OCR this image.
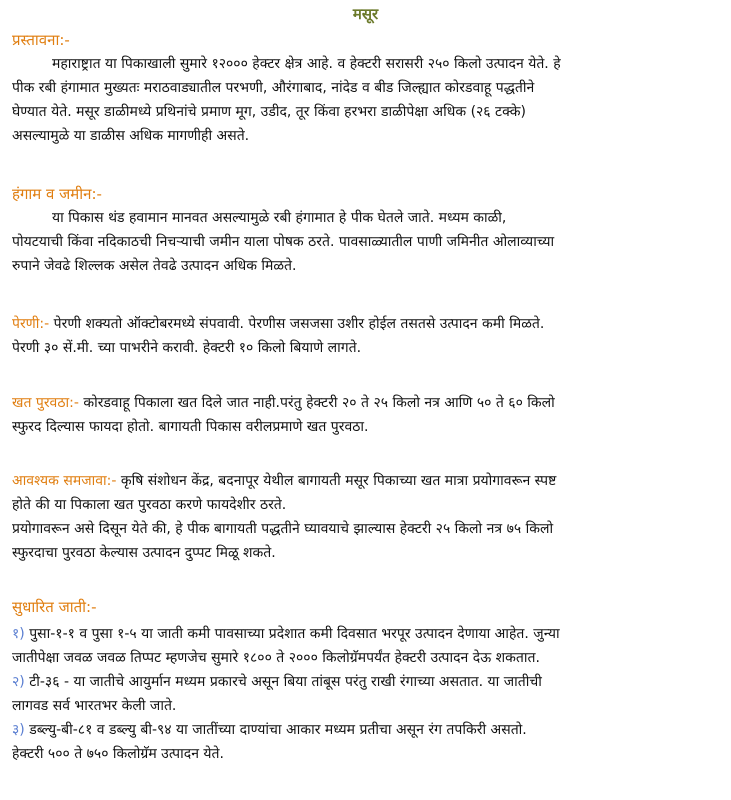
मसूर
प्रस्तावना:-
महाराष्ट्रात या पिकाखाली सुमारे १२००० हेक्टर क्षेत्र आहे. व हेक्टरी सरासरी २५० किलो उत्पादन येते. हे
पीक रबी हंगामात मुख्यतः मराठवाड्यातील परभणी, औरंगाबाद, नांदेड व बीड जिल्ह्यात कोरडवाहू पद्धतीने
घेण्यात येते. मसूर डाळीमध्ये प्रथिनांचे प्रमाण मूग, उडीद, तूर किंवा हरभरा डाळीपेक्षा अधिक (२६ टक्के)
असल्यामुळे या डाळीस अधिक मागणीही असते.
हंगाम व जमीन:-
या पिकास थंड हवामान मानवत असल्यामुळे रबी हंगामात हे पीक घेतले जाते. मध्यम काळी,
पोयटयाची किंवा नदिकाठची निचऱ्याची जमीन याला पोषक ठरते. पावसाळ्यातील पाणी जमिनीत ओलाव्याच्या
रुपाने जेवढे शिल्लक असेल तेवढे उत्पादन अधिक मिळते.
पेरणी:- पेरणी शक्यतो ऑक्टोबरमध्ये संपवावी. पेरणीस जसजसा उशीर होईल तसतसे उत्पादन कमी मिळते.
पेरणी ३० सें.मी. च्या पाभरीने करावी. हेक्टरी १० किलो बियाणे लागते.
खत पुरवठा:- कोरडवाहू पिकाला खत दिले जात नाही.परंतु हेक्टरी २० ते २५ किलो नत्र आणि ५० ते ६० किलो
स्फुरद दिल्यास फायदा होतो. बागायती पिकास वरीलप्रमाणे खत पुरवठा.
आवश्यक समजावा:- कृषि संशोधन केंद्र, बदनापूर येथील बागायती मसूर पिकाच्या खत मात्रा प्रयोगावरून स्पष्ट
होते की या पिकाला खत पुरवठा करणे फायदेशीर ठरते.
प्रयोगावरून असे दिसून येते की, हे पीक बागायती पद्धतीने घ्यावयाचे झाल्यास हेक्टरी २५ किलो नत्र ७५ किलो
स्फुरदाचा पुरवठा केल्यास उत्पादन दुप्पट मिळू शकते.
सुधारित जाती:-
१) पुसा-१-१ व पुसा १-५ या जाती कमी पावसाच्या प्रदेशात कमी दिवसात भरपूर उत्पादन देणाया आहेत. जुन्या
जातीपेक्षा जवळ जवळ तिप्पट म्हणजेच सुमारे १८०० ते २००० किलोग्रॅमपर्यंत हेक्टरी उत्पादन देऊ शकतात.
२) टी-३६ - या जातीचे आयुर्मान मध्यम प्रकारचे असून बिया तांबूस परंतु राखी रंगाच्या असतात. या जातीची
लागवड सर्व भारतभर केली जाते.
३) डब्ल्यु-बी-८१ व डब्ल्यु बी-९४ या जातींच्या दाण्यांचा आकार मध्यम प्रतीचा असून रंग तपकिरी असतो.
हेक्टरी ५०० ते ७५० किलोग्रॅम उत्पादन येते.
